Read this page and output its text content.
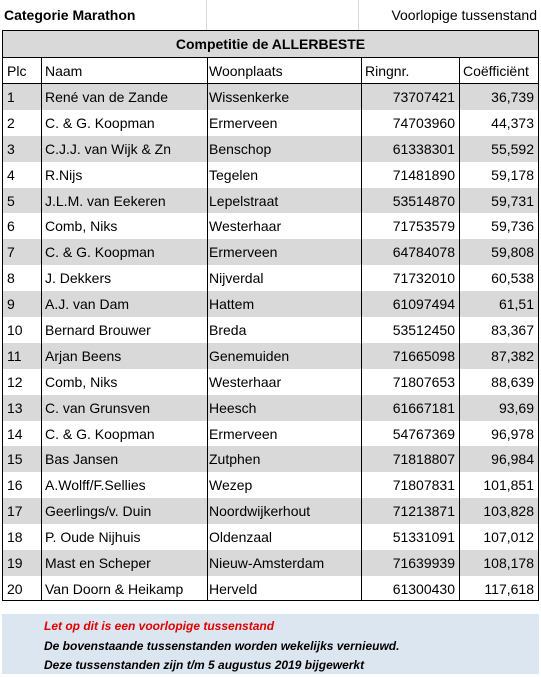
Categorie Marathon	Voorlopige tussenstand
Competitie de ALLERBESTE
Plc	Naam	Woonplaats	Ringnr.	Coëfficiënt
1	René van de Zande	Wissenkerke	73707421	36,739
2	C. & G. Koopman	Ermerveen	74703960	44,373
3	C.J.J. van Wijk & Zn	Benschop	61338301	55,592
4	R.Nijs	Tegelen	71481890	59,178
5	J.L.M. van Eekeren	Lepelstraat	53514870	59,731
6	Comb, Niks	Westerhaar	71753579	59,736
7	C. & G. Koopman	Ermerveen	64784078	59,808
8	J. Dekkers	Nijverdal	71732010	60,538
9	A.J. van Dam	Hattem	61097494	61,51
10	Bernard Brouwer	Breda	53512450	83,367
11	Arjan Beens	Genemuiden	71665098	87,382
12	Comb, Niks	Westerhaar	71807653	88,639
13	C. van Grunsven	Heesch	61667181	93,69
14	C. & G. Koopman	Ermerveen	54767369	96,978
15	Bas Jansen	Zutphen	71818807	96,984
16	A.Wolff/F.Sellies	Wezep	71807831	101,851
17	Geerlings/v. Duin	Noordwijkerhout	71213871	103,828
18	P. Oude Nijhuis	Oldenzaal	51331091	107,012
19	Mast en Scheper	Nieuw-Amsterdam	71639939	108,178
20	Van Doorn & Heikamp	Herveld	61300430	117,618
Let op dit is een voorlopige tussenstand
De bovenstaande tussenstanden worden wekelijks vernieuwd.
Deze tussenstanden zijn t/m 5 augustus 2019 bijgewerkt
